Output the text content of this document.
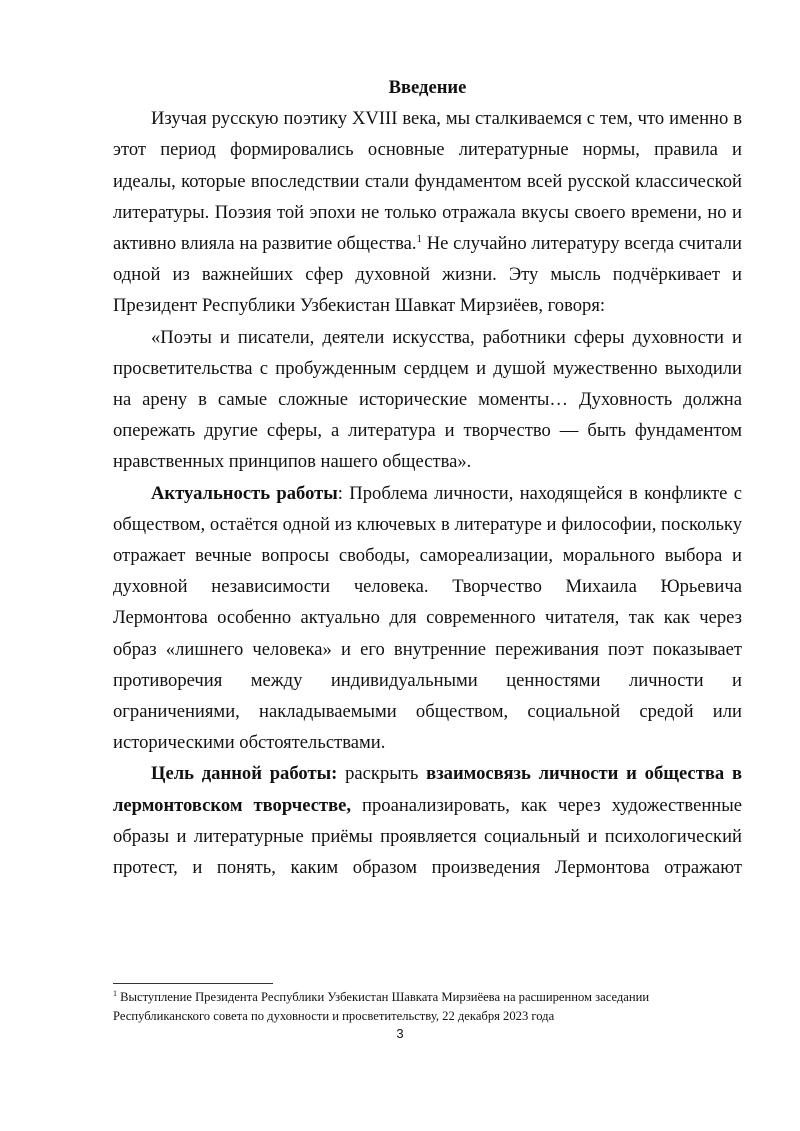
Введение

Изучая русскую поэтику XVIII века, мы сталкиваемся с тем, что именно в этот период формировались основные литературные нормы, правила и идеалы, которые впоследствии стали фундаментом всей русской классической литературы. Поэзия той эпохи не только отражала вкусы своего времени, но и активно влияла на развитие общества.$^1$ Не случайно литературу всегда считали одной из важнейших сфер духовной жизни. Эту мысль подчёркивает и Президент Республики Узбекистан Шавкат Мирзиёев, говоря:

«Поэты и писатели, деятели искусства, работники сферы духовности и просветительства с пробужденным сердцем и душой мужественно выходили на арену в самые сложные исторические моменты… Духовность должна опережать другие сферы, а литература и творчество — быть фундаментом нравственных принципов нашего общества».

Актуальность работы: Проблема личности, находящейся в конфликте с обществом, остаётся одной из ключевых в литературе и философии, поскольку отражает вечные вопросы свободы, самореализации, морального выбора и духовной независимости человека. Творчество Михаила Юрьевича Лермонтова особенно актуально для современного читателя, так как через образ «лишнего человека» и его внутренние переживания поэт показывает противоречия между индивидуальными ценностями личности и ограничениями, накладываемыми обществом, социальной средой или историческими обстоятельствами.

Цель данной работы: раскрыть взаимосвязь личности и общества в лермонтовском творчестве, проанализировать, как через художественные образы и литературные приёмы проявляется социальный и психологический протест, и понять, каким образом произведения Лермонтова отражают

$^1$ Выступление Президента Республики Узбекистан Шавката Мирзиёева на расширенном заседании Республиканского совета по духовности и просветительству, 22 декабря 2023 года
3
